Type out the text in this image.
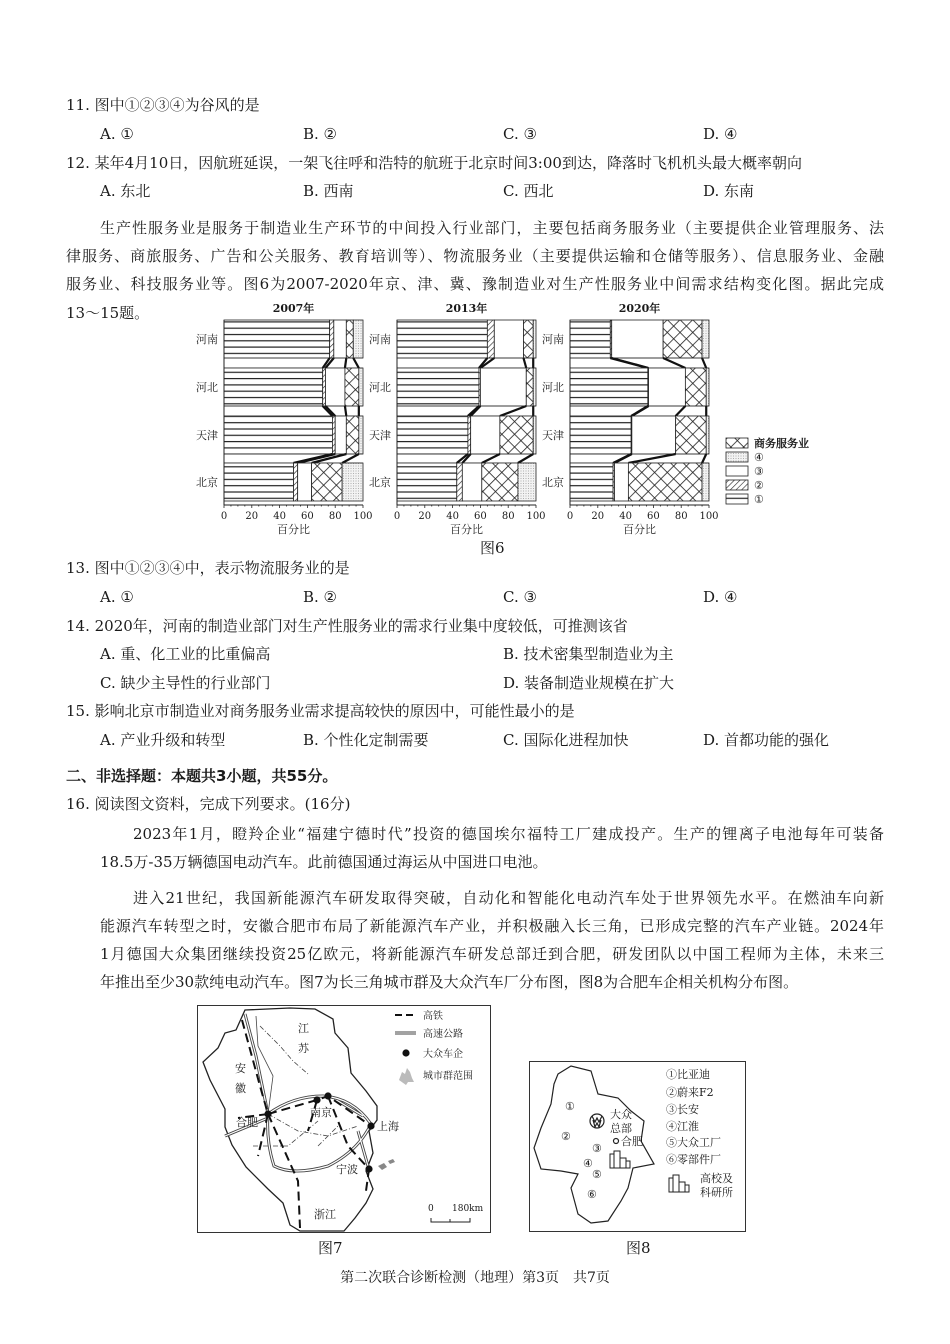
11. 图中①②③④为谷风的是
A. ①	B. ②	C. ③	D. ④
12. 某年4月10日，因航班延误，一架飞往呼和浩特的航班于北京时间3:00到达，降落时飞机机头最大概率朝向
A. 东北	B. 西南	C. 西北	D. 东南
生产性服务业是服务于制造业生产环节的中间投入行业部门，主要包括商务服务业（主要提供企业管理服务、法
律服务、商旅服务、广告和公关服务、教育培训等）、物流服务业（主要提供运输和仓储等服务）、信息服务业、金融
服务业、科技服务业等。图6为2007-2020年京、津、冀、豫制造业对生产性服务业中间需求结构变化图。据此完成
13～15题。	2007年
河南
河北
天津
北京
0 20 40 60 80 100
百分比
2013年
河南
河北
天津
北京
0 20 40 60 80 100
百分比
2020年
河南
河北
天津
北京
0 20 40 60 80 100
百分比
商务服务业
④
③
②
①
图6
13. 图中①②③④中，表示物流服务业的是
A. ①	B. ②	C. ③	D. ④
14. 2020年，河南的制造业部门对生产性服务业的需求行业集中度较低，可推测该省
A. 重、化工业的比重偏高	B. 技术密集型制造业为主
C. 缺少主导性的行业部门	D. 装备制造业规模在扩大
15. 影响北京市制造业对商务服务业需求提高较快的原因中，可能性最小的是
A. 产业升级和转型	B. 个性化定制需要	C. 国际化进程加快	D. 首都功能的强化
二、非选择题：本题共3小题，共55分。
16. 阅读图文资料，完成下列要求。(16分)
2023年1月，瞪羚企业“福建宁德时代”投资的德国埃尔福特工厂建成投产。生产的锂离子电池每年可装备
18.5万-35万辆德国电动汽车。此前德国通过海运从中国进口电池。
进入21世纪，我国新能源汽车研发取得突破，自动化和智能化电动汽车处于世界领先水平。在燃油车向新
能源汽车转型之时，安徽合肥市布局了新能源汽车产业，并积极融入长三角，已形成完整的汽车产业链。2024年
1月德国大众集团继续投资25亿欧元，将新能源汽车研发总部迁到合肥，研发团队以中国工程师为主体，未来三
年推出至少30款纯电动汽车。图7为长三角城市群及大众汽车厂分布图，图8为合肥车企相关机构分布图。
江
苏
安
徽
合肥
南京
上海
宁波
浙江
高铁
高速公路
大众车企
城市群范围
0 180km
图7
①
②
③
④
⑤
⑥
大众
总部
合肥
①比亚迪
②蔚来F2
③长安
④江淮
⑤大众工厂
⑥零部件厂
高校及
科研所
图8
第二次联合诊断检测（地理）第3页　共7页
